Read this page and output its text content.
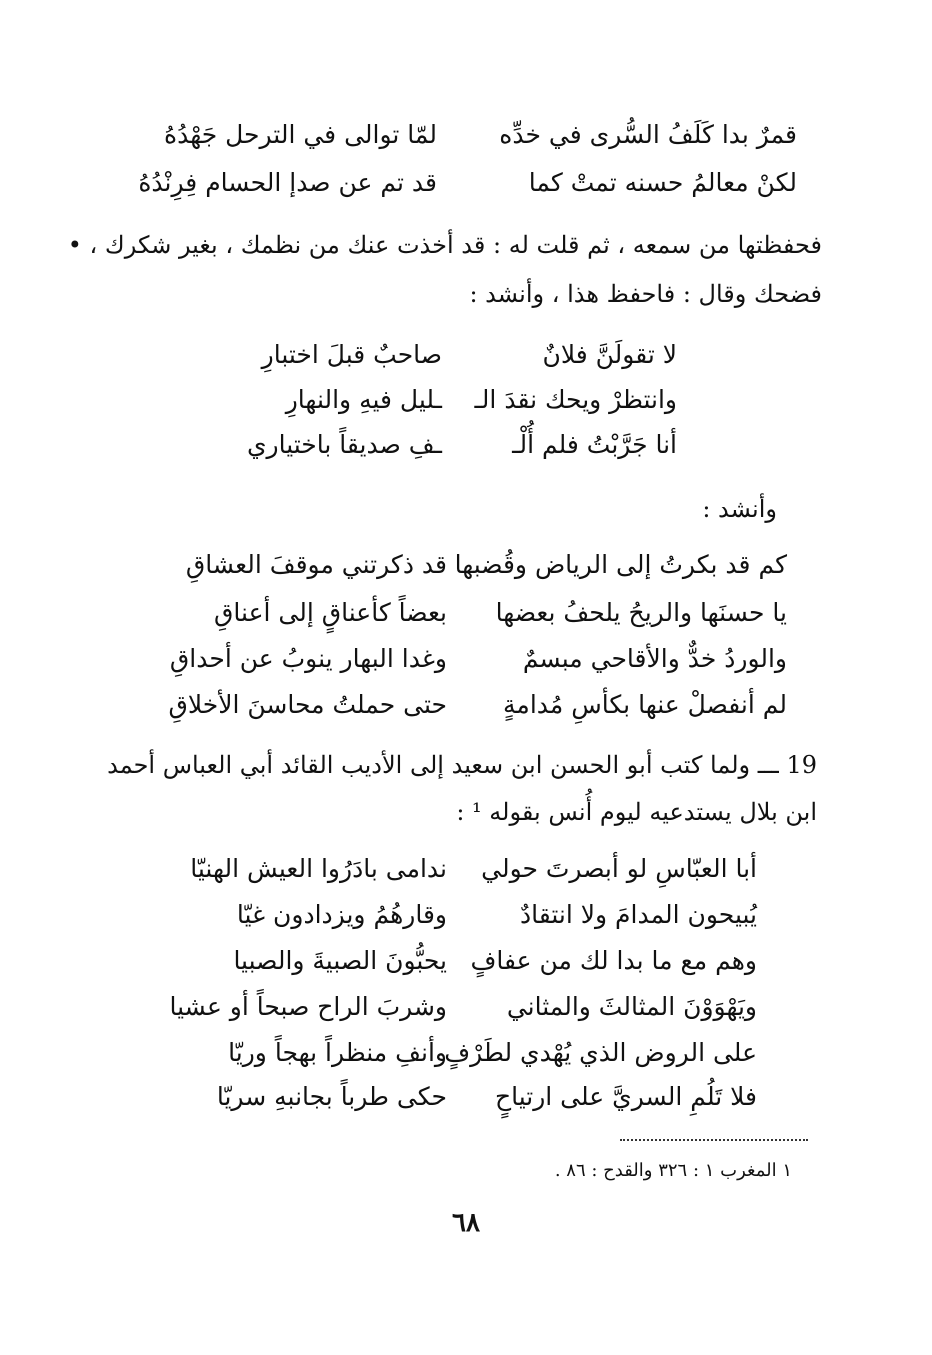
قمرٌ بدا كَلَفُ السُّرى في خدِّه
لمّا توالى في الترحل جَهْدُهُ
لكنْ معالمُ حسنه تمتْ كما
قد تم عن صدإ الحسام فِرِنْدُهُ
فحفظتها من سمعه ، ثم قلت له : قد أخذت عنك من نظمك ، بغير شكرك ، •
فضحك وقال : فاحفظ هذا ، وأنشد :
لا تقولَنَّ فلانٌ
صاحبٌ قبلَ اختبارِ
وانتظرْ ويحك نقدَ الـ
ـليل فيهِ والنهارِ
أنا جَرَّبْتُ فلم أُلْـ
ـفِ صديقاً باختياري
وأنشد :
كم قد بكرتُ إلى الرياض وقُضبها
قد ذكرتني موقفَ العشاقِ
يا حسنَها والريحُ يلحفُ بعضها
بعضاً كأعناقٍ إلى أعناقِ
والوردُ خدٌّ والأقاحي مبسمٌ
وغدا البهار ينوبُ عن أحداقِ
لم أنفصلْ عنها بكأسِ مُدامةٍ
حتى حملتُ محاسنَ الأخلاقِ
19 ـــ ولما كتب أبو الحسن ابن سعيد إلى الأديب القائد أبي العباس أحمد
ابن بلال يستدعيه ليوم أُنس بقوله ¹ :
أبا العبّاسِ لو أبصرتَ حولي
ندامى بادَرُوا العيش الهنيّا
يُبيحون المدامَ ولا انتقادٌ
وقارهُمُ ويزدادون غيّا
وهم مع ما بدا لك من عفافٍ
يحبُّونَ الصبيةَ والصبيا
ويَهْوَوْنَ المثالثَ والمثاني
وشربَ الراح صبحاً أو عشيا
على الروض الذي يُهْدي لطَرْفٍ
وأنفِ منظراً بهجاً وريّا
فلا تَلُمِ السريَّ على ارتياحٍ
حكى طرباً بجانبهِ سريّا
١ المغرب ١ : ٣٢٦ والقدح : ٨٦ .
٦٨
